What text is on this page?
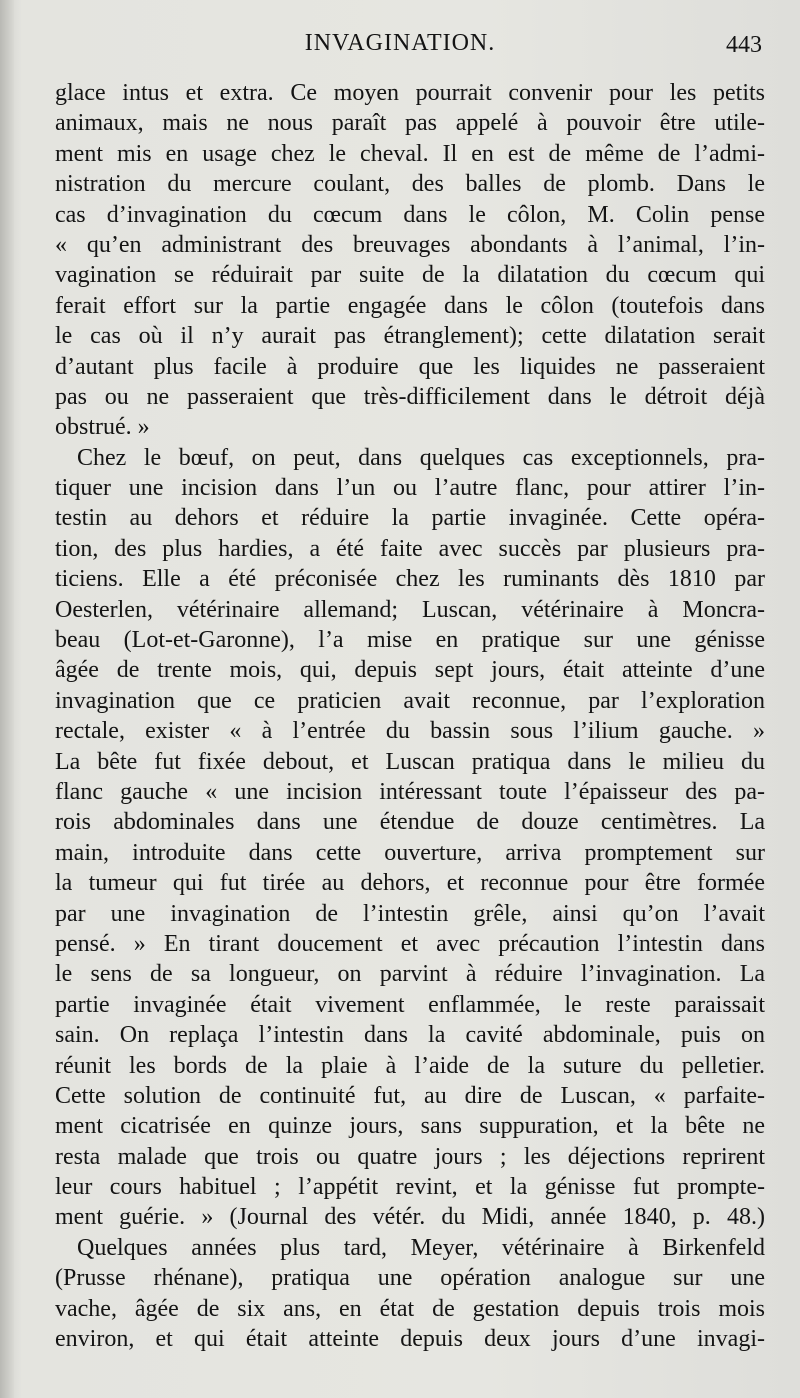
INVAGINATION.	443
glace intus et extra. Ce moyen pourrait convenir pour les petits
animaux, mais ne nous paraît pas appelé à pouvoir être utile-
ment mis en usage chez le cheval. Il en est de même de l’admi-
nistration du mercure coulant, des balles de plomb. Dans le
cas d’invagination du cœcum dans le côlon, M. Colin pense
« qu’en administrant des breuvages abondants à l’animal, l’in-
vagination se réduirait par suite de la dilatation du cœcum qui
ferait effort sur la partie engagée dans le côlon (toutefois dans
le cas où il n’y aurait pas étranglement); cette dilatation serait
d’autant plus facile à produire que les liquides ne passeraient
pas ou ne passeraient que très-difficilement dans le détroit déjà
obstrué. »
Chez le bœuf, on peut, dans quelques cas exceptionnels, pra-
tiquer une incision dans l’un ou l’autre flanc, pour attirer l’in-
testin au dehors et réduire la partie invaginée. Cette opéra-
tion, des plus hardies, a été faite avec succès par plusieurs pra-
ticiens. Elle a été préconisée chez les ruminants dès 1810 par
Oesterlen, vétérinaire allemand; Luscan, vétérinaire à Moncra-
beau (Lot-et-Garonne), l’a mise en pratique sur une génisse
âgée de trente mois, qui, depuis sept jours, était atteinte d’une
invagination que ce praticien avait reconnue, par l’exploration
rectale, exister « à l’entrée du bassin sous l’ilium gauche. »
La bête fut fixée debout, et Luscan pratiqua dans le milieu du
flanc gauche « une incision intéressant toute l’épaisseur des pa-
rois abdominales dans une étendue de douze centimètres. La
main, introduite dans cette ouverture, arriva promptement sur
la tumeur qui fut tirée au dehors, et reconnue pour être formée
par une invagination de l’intestin grêle, ainsi qu’on l’avait
pensé. » En tirant doucement et avec précaution l’intestin dans
le sens de sa longueur, on parvint à réduire l’invagination. La
partie invaginée était vivement enflammée, le reste paraissait
sain. On replaça l’intestin dans la cavité abdominale, puis on
réunit les bords de la plaie à l’aide de la suture du pelletier.
Cette solution de continuité fut, au dire de Luscan, « parfaite-
ment cicatrisée en quinze jours, sans suppuration, et la bête ne
resta malade que trois ou quatre jours ; les déjections reprirent
leur cours habituel ; l’appétit revint, et la génisse fut prompte-
ment guérie. » (Journal des vétér. du Midi, année 1840, p. 48.)
Quelques années plus tard, Meyer, vétérinaire à Birkenfeld
(Prusse rhénane), pratiqua une opération analogue sur une
vache, âgée de six ans, en état de gestation depuis trois mois
environ, et qui était atteinte depuis deux jours d’une invagi-
